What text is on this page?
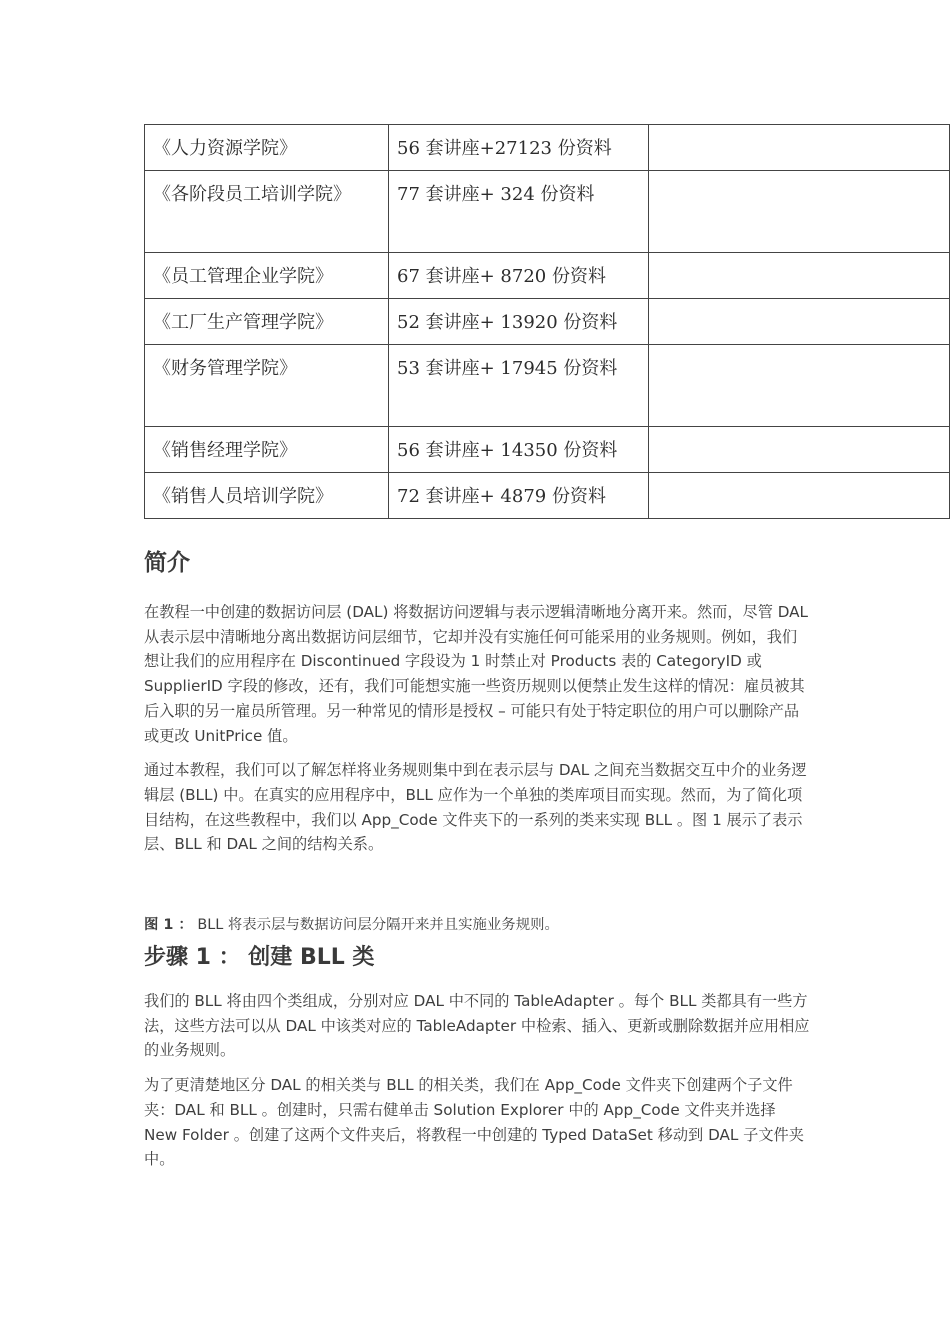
《人力资源学院》	56 套讲座+27123 份资料	
《各阶段员工培训学院》	77 套讲座+ 324 份资料	
《员工管理企业学院》	67 套讲座+ 8720 份资料	
《工厂生产管理学院》	52 套讲座+ 13920 份资料	
《财务管理学院》	53 套讲座+ 17945 份资料	
《销售经理学院》	56 套讲座+ 14350 份资料	
《销售人员培训学院》	72 套讲座+ 4879 份资料	
简介

在教程一中创建的数据访问层 (DAL) 将数据访问逻辑与表示逻辑清晰地分离开来。然而，尽管 DAL 从表示层中清晰地分离出数据访问层细节，它却并没有实施任何可能采用的业务规则。例如，我们想让我们的应用程序在 Discontinued 字段设为 1 时禁止对 Products 表的 CategoryID 或 SupplierID 字段的修改，还有，我们可能想实施一些资历规则以便禁止发生这样的情况：雇员被其后入职的另一雇员所管理。另一种常见的情形是授权 – 可能只有处于特定职位的用户可以删除产品或更改 UnitPrice 值。

通过本教程，我们可以了解怎样将业务规则集中到在表示层与 DAL 之间充当数据交互中介的业务逻辑层 (BLL) 中。在真实的应用程序中，BLL 应作为一个单独的类库项目而实现。然而，为了简化项目结构，在这些教程中，我们以 App_Code 文件夹下的一系列的类来实现 BLL 。图 1 展示了表示层、BLL 和 DAL 之间的结构关系。

图 1 ： BLL 将表示层与数据访问层分隔开来并且实施业务规则。

步骤 1 ： 创建 BLL 类

我们的 BLL 将由四个类组成，分别对应 DAL 中不同的 TableAdapter 。每个 BLL 类都具有一些方法，这些方法可以从 DAL 中该类对应的 TableAdapter 中检索、插入、更新或删除数据并应用相应的业务规则。

为了更清楚地区分 DAL 的相关类与 BLL 的相关类，我们在 App_Code 文件夹下创建两个子文件夹：DAL 和 BLL 。创建时，只需右健单击 Solution Explorer 中的 App_Code 文件夹并选择 New Folder 。创建了这两个文件夹后，将教程一中创建的 Typed DataSet 移动到 DAL 子文件夹中。
